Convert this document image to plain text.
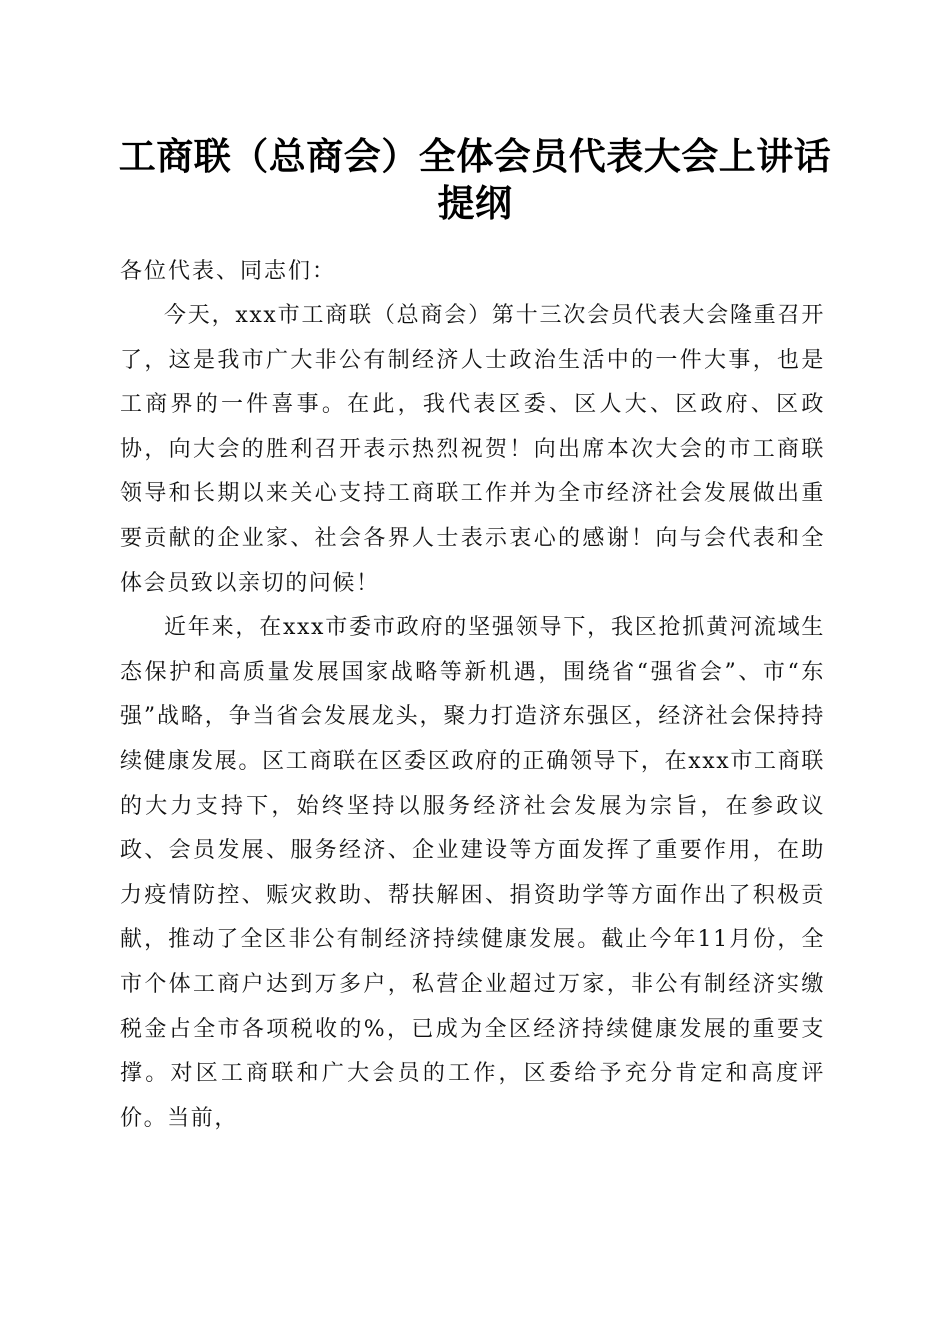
工商联（总商会）全体会员代表大会上讲话提纲

各位代表、同志们：

今天，xxx市工商联（总商会）第十三次会员代表大会隆重召开了，这是我市广大非公有制经济人士政治生活中的一件大事，也是工商界的一件喜事。在此，我代表区委、区人大、区政府、区政协，向大会的胜利召开表示热烈祝贺！向出席本次大会的市工商联领导和长期以来关心支持工商联工作并为全市经济社会发展做出重要贡献的企业家、社会各界人士表示衷心的感谢！向与会代表和全体会员致以亲切的问候！

近年来，在xxx市委市政府的坚强领导下，我区抢抓黄河流域生态保护和高质量发展国家战略等新机遇，围绕省“强省会”、市“东强”战略，争当省会发展龙头，聚力打造济东强区，经济社会保持持续健康发展。区工商联在区委区政府的正确领导下，在xxx市工商联的大力支持下，始终坚持以服务经济社会发展为宗旨，在参政议政、会员发展、服务经济、企业建设等方面发挥了重要作用，在助力疫情防控、赈灾救助、帮扶解困、捐资助学等方面作出了积极贡献，推动了全区非公有制经济持续健康发展。截止今年11月份，全市个体工商户达到万多户，私营企业超过万家，非公有制经济实缴税金占全市各项税收的%，已成为全区经济持续健康发展的重要支撑。对区工商联和广大会员的工作，区委给予充分肯定和高度评价。当前，
